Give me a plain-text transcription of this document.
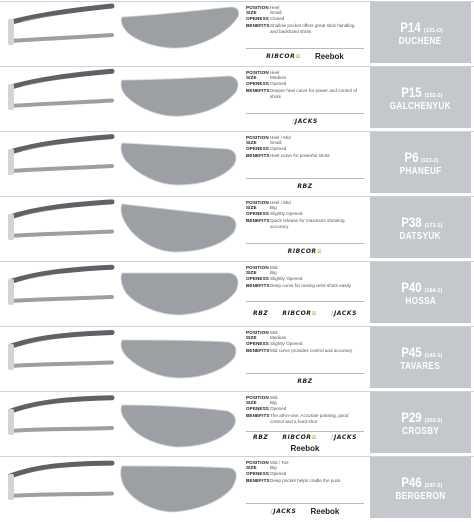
POSITION Heel
SIZE	Small
OPENESS Closed
BENEFITS Shallow pocket offers great stick handling and backhand shots
RIBCOR≡ Reebok
P14 (131-O)
DUCHENE
POSITION Heel
SIZE	Medium
OPENESS Opened
BENEFITS Deeper heel curve for power and control of shots
/JACKS
P15 (152-2)
GALCHENYUK
POSITION Heel / Mid
SIZE	Small
OPENESS Opened
BENEFITS Heel curve for powerful shots
RBZ
P6 (123-2)
PHANEUF
POSITION Heel / Mid
SIZE	Big
OPENESS Slightly Opened
BENEFITS Quick release for maximum shooting accuracy
RIBCOR≡
P38 (173-1)
DATSYUK
POSITION Mid
SIZE	Big
OPENESS Slightly Opened
BENEFITS Deep curve for raising wrist shots easily
RBZ RIBCOR≡ /JACKS
P40 (184-1)
HOSSA
POSITION Mid
SIZE	Medium
OPENESS Slightly Opened
BENEFITS Mid curve provides control and accuracy
RBZ
P45 (145-1)
TAVARES
POSITION Mid
SIZE	Big
OPENESS Opened
BENEFITS The all-in-one. Accurate passing, good control and a hard shot
RBZ RIBCOR≡ /JACKS
Reebok
P29 (203-2)
CROSBY
POSITION Mid / Toe
SIZE	Big
OPENESS Opened
BENEFITS Deep pocket helps cradle the puck
/JACKS Reebok
P46 (197-2)
BERGERON
